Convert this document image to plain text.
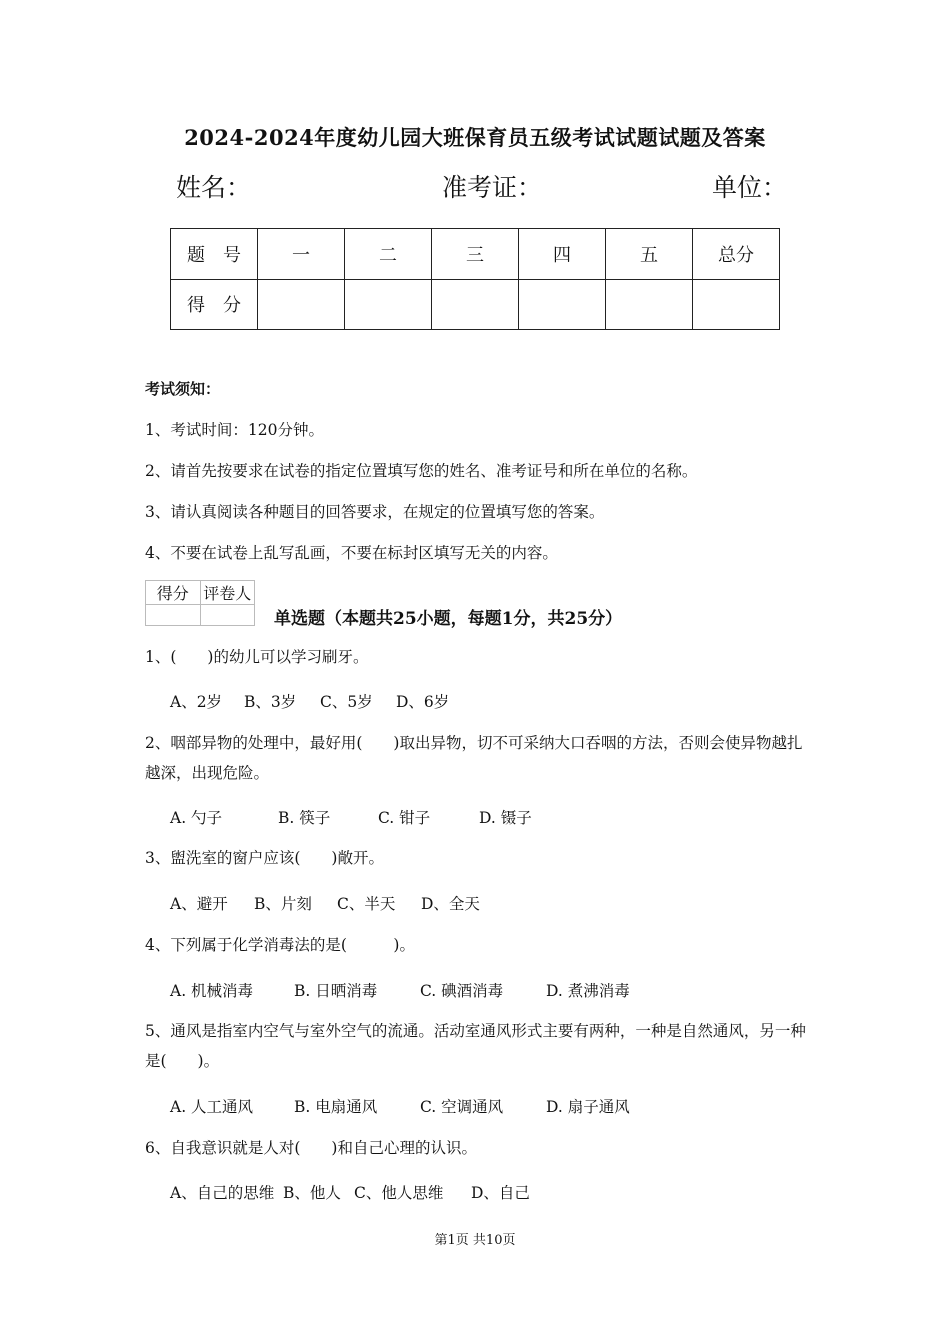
2024-2024年度幼儿园大班保育员五级考试试题试题及答案
姓名：	准考证：	单位：
题　号	一	二	三	四	五	总分
得　分						
考试须知：
1、考试时间：120分钟。
2、请首先按要求在试卷的指定位置填写您的姓名、准考证号和所在单位的名称。
3、请认真阅读各种题目的回答要求，在规定的位置填写您的答案。
4、不要在试卷上乱写乱画，不要在标封区填写无关的内容。
得分	评卷人

单选题（本题共25小题，每题1分，共25分）
1、(　　)的幼儿可以学习刷牙。
A、2岁 B、3岁 C、5岁 D、6岁
2、咽部异物的处理中，最好用(　　)取出异物，切不可采纳大口吞咽的方法，否则会使异物越扎越深，出现危险。
A. 勺子	B. 筷子	C. 钳子	D. 镊子
3、盥洗室的窗户应该(　　)敞开。
A、避开 B、片刻 C、半天 D、全天
4、下列属于化学消毒法的是(　　　)。
A. 机械消毒	B. 日晒消毒	C. 碘酒消毒	D. 煮沸消毒
5、通风是指室内空气与室外空气的流通。活动室通风形式主要有两种，一种是自然通风，另一种是(　　)。
A. 人工通风	B. 电扇通风	C. 空调通风	D. 扇子通风
6、自我意识就是人对(　　)和自己心理的认识。
A、自己的思维 B、他人 C、他人思维 D、自己
第1页 共10页
